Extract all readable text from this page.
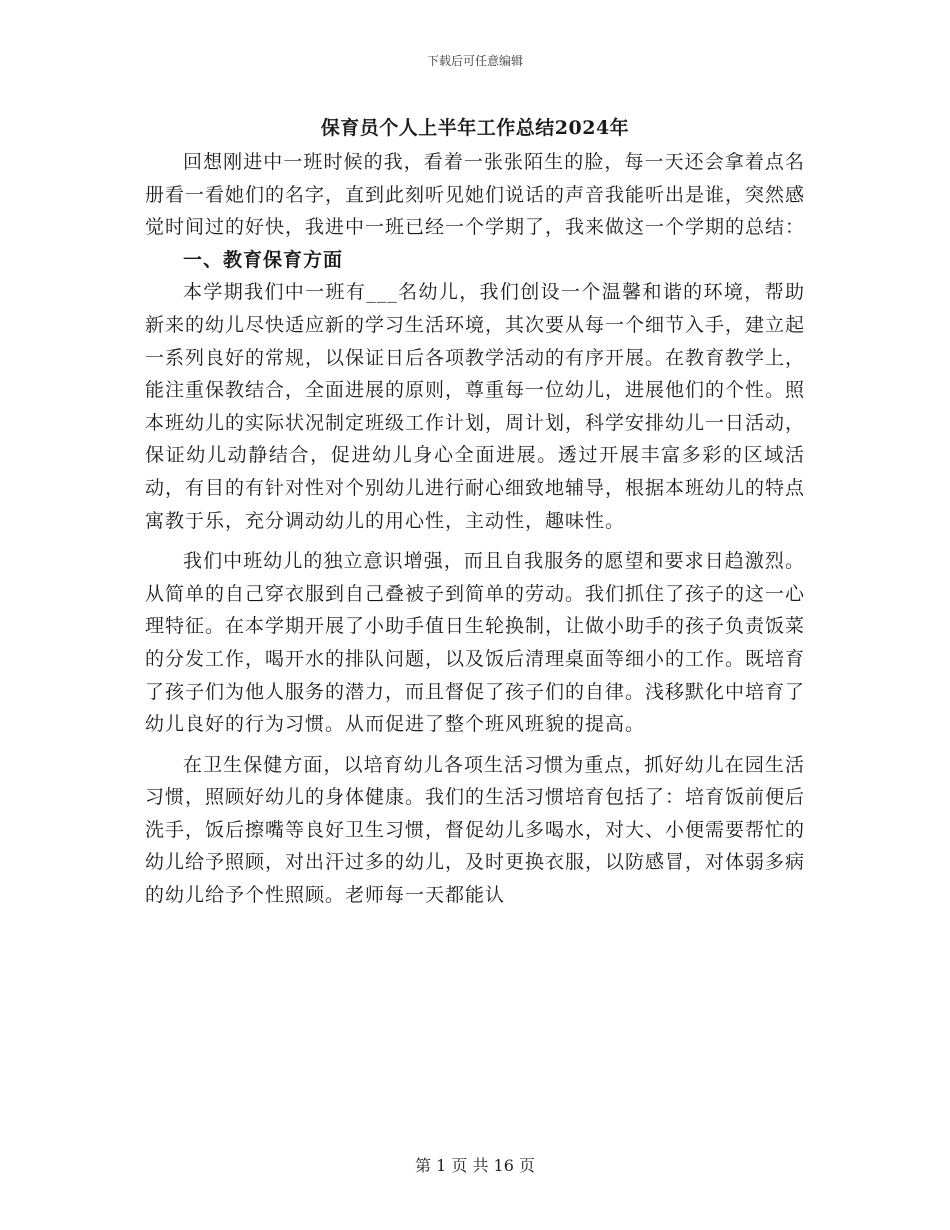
下载后可任意编辑
保育员个人上半年工作总结2024年

回想刚进中一班时候的我，看着一张张陌生的脸，每一天还会拿着点名册看一看她们的名字，直到此刻听见她们说话的声音我能听出是谁，突然感觉时间过的好快，我进中一班已经一个学期了，我来做这一个学期的总结：

一、教育保育方面

本学期我们中一班有___名幼儿，我们创设一个温馨和谐的环境，帮助新来的幼儿尽快适应新的学习生活环境，其次要从每一个细节入手，建立起一系列良好的常规，以保证日后各项教学活动的有序开展。在教育教学上，能注重保教结合，全面进展的原则，尊重每一位幼儿，进展他们的个性。照本班幼儿的实际状况制定班级工作计划，周计划，科学安排幼儿一日活动，保证幼儿动静结合，促进幼儿身心全面进展。透过开展丰富多彩的区域活动，有目的有针对性对个别幼儿进行耐心细致地辅导，根据本班幼儿的特点寓教于乐，充分调动幼儿的用心性，主动性，趣味性。

我们中班幼儿的独立意识增强，而且自我服务的愿望和要求日趋激烈。从简单的自己穿衣服到自己叠被子到简单的劳动。我们抓住了孩子的这一心理特征。在本学期开展了小助手值日生轮换制，让做小助手的孩子负责饭菜的分发工作，喝开水的排队问题，以及饭后清理桌面等细小的工作。既培育了孩子们为他人服务的潜力，而且督促了孩子们的自律。浅移默化中培育了幼儿良好的行为习惯。从而促进了整个班风班貌的提高。

在卫生保健方面，以培育幼儿各项生活习惯为重点，抓好幼儿在园生活习惯，照顾好幼儿的身体健康。我们的生活习惯培育包括了：培育饭前便后洗手，饭后擦嘴等良好卫生习惯，督促幼儿多喝水，对大、小便需要帮忙的幼儿给予照顾，对出汗过多的幼儿，及时更换衣服，以防感冒，对体弱多病的幼儿给予个性照顾。老师每一天都能认

第 1 页 共 16 页
